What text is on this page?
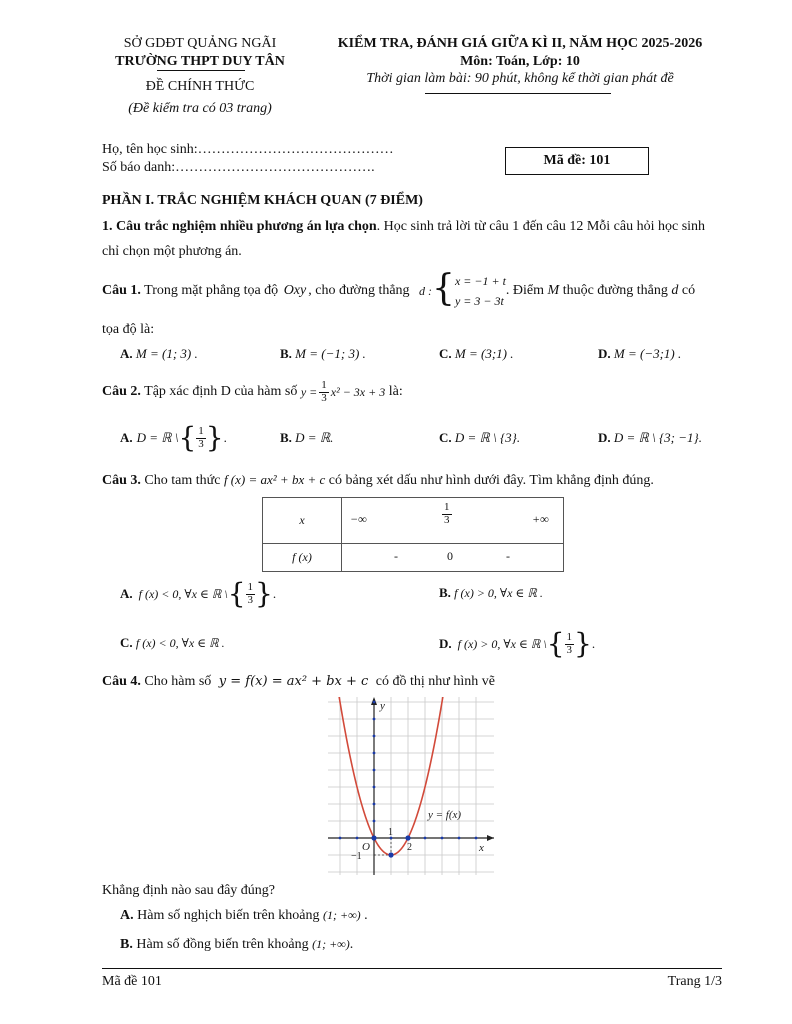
SỞ GDĐT QUẢNG NGÃI
TRƯỜNG THPT DUY TÂN
ĐỀ CHÍNH THỨC
(Đề kiểm tra có 03 trang)
KIỂM TRA, ĐÁNH GIÁ GIỮA KÌ II, NĂM HỌC 2025-2026
Môn: Toán, Lớp: 10
Thời gian làm bài: 90 phút, không kể thời gian phát đề
Họ, tên học sinh:……………………………………
Số báo danh:…………………………………….	Mã đề: 101
PHẦN I. TRẮC NGHIỆM KHÁCH QUAN (7 ĐIỂM)
1. Câu trắc nghiệm nhiều phương án lựa chọn. Học sinh trả lời từ câu 1 đến câu 12 Mỗi câu hỏi học sinh
chỉ chọn một phương án.
Câu 1. Trong mặt phẳng tọa độ Oxy , cho đường thẳng d : { x = −1 + t
y = 3 − 3t
. Điểm M thuộc đường thẳng d có
tọa độ là:
A. M = (1; 3) .	B. M = (−1; 3) .	C. M = (3;1) .	D. M = (−3;1) .
Câu 2. Tập xác định D của hàm số $y = \frac{1}{3} x^2 - 3x + 3$ là:
A. D = ℝ \ { $\frac{1}{3}$ } .	B. D = ℝ.	C. D = ℝ \ {3}.	D. D = ℝ \ {3; −1}.
Câu 3. Cho tam thức f (x) = ax² + bx + c có bảng xét dấu như hình dưới đây. Tìm khẳng định đúng.
x	−∞ $\frac{1}{3}$ +∞

f (x)	- 0 -
A. f (x) < 0, ∀x ∈ ℝ \ { $\frac{1}{3}$ } .	B. f (x) > 0, ∀x ∈ ℝ .
C. f (x) < 0, ∀x ∈ ℝ .	D. f (x) > 0, ∀x ∈ ℝ \ { $\frac{1}{3}$ } .
Câu 4. Cho hàm số y = f(x) = ax² + bx + c có đồ thị như hình vẽ
y
x
O
1
2
−1
y = f(x)
Khẳng định nào sau đây đúng?
A. Hàm số nghịch biến trên khoảng (1; +∞) .
B. Hàm số đồng biến trên khoảng (1; +∞).
Mã đề 101	Trang 1/3
